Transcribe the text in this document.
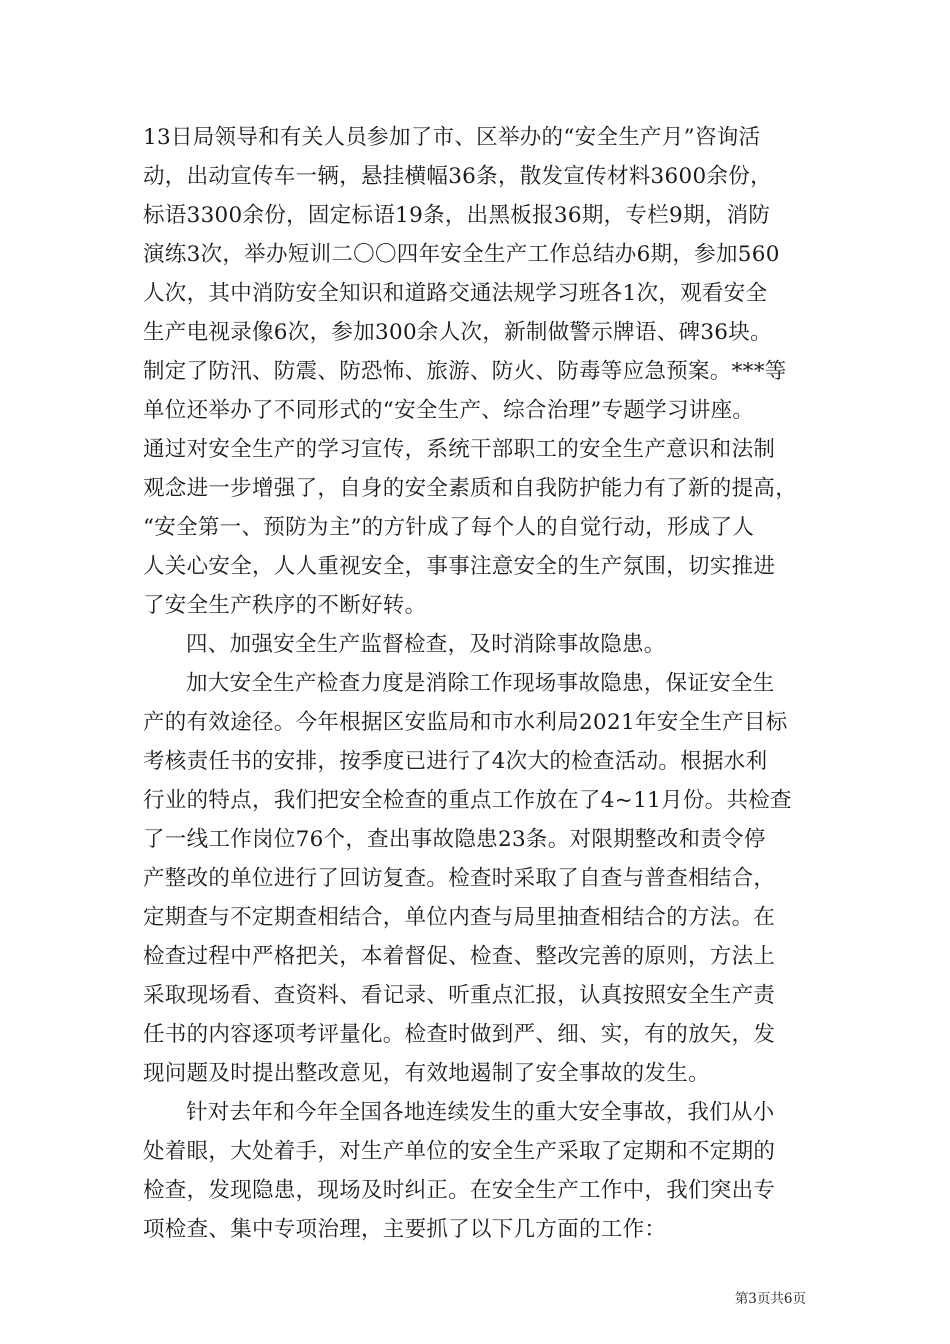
13日局领导和有关人员参加了市、区举办的“安全生产月”咨询活
动，出动宣传车一辆，悬挂横幅36条，散发宣传材料3600余份，
标语3300余份，固定标语19条，出黑板报36期，专栏9期，消防
演练3次，举办短训二〇〇四年安全生产工作总结办6期，参加560
人次，其中消防安全知识和道路交通法规学习班各1次，观看安全
生产电视录像6次，参加300余人次，新制做警示牌语、碑36块。
制定了防汛、防震、防恐怖、旅游、防火、防毒等应急预案。***等
单位还举办了不同形式的“安全生产、综合治理”专题学习讲座。
通过对安全生产的学习宣传，系统干部职工的安全生产意识和法制
观念进一步增强了，自身的安全素质和自我防护能力有了新的提高，
“安全第一、预防为主”的方针成了每个人的自觉行动，形成了人
人关心安全，人人重视安全，事事注意安全的生产氛围，切实推进
了安全生产秩序的不断好转。
四、加强安全生产监督检查，及时消除事故隐患。
加大安全生产检查力度是消除工作现场事故隐患，保证安全生
产的有效途径。今年根据区安监局和市水利局2021年安全生产目标
考核责任书的安排，按季度已进行了4次大的检查活动。根据水利
行业的特点，我们把安全检查的重点工作放在了4~11月份。共检查
了一线工作岗位76个，查出事故隐患23条。对限期整改和责令停
产整改的单位进行了回访复查。检查时采取了自查与普查相结合，
定期查与不定期查相结合，单位内查与局里抽查相结合的方法。在
检查过程中严格把关，本着督促、检查、整改完善的原则，方法上
采取现场看、查资料、看记录、听重点汇报，认真按照安全生产责
任书的内容逐项考评量化。检查时做到严、细、实，有的放矢，发
现问题及时提出整改意见，有效地遏制了安全事故的发生。
针对去年和今年全国各地连续发生的重大安全事故，我们从小
处着眼，大处着手，对生产单位的安全生产采取了定期和不定期的
检查，发现隐患，现场及时纠正。在安全生产工作中，我们突出专
项检查、集中专项治理，主要抓了以下几方面的工作：
第3页共6页
